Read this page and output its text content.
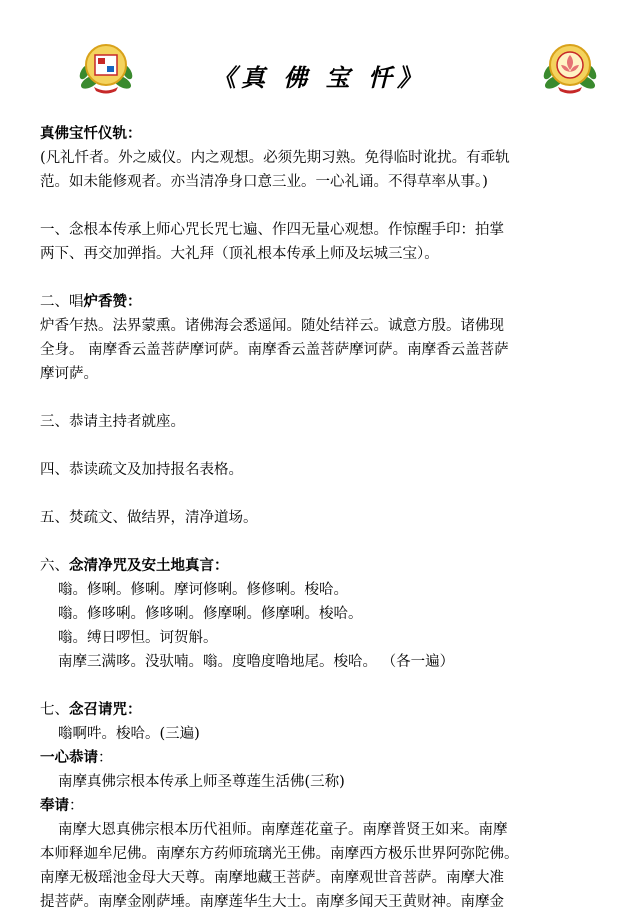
《真 佛 宝 忏》
真佛宝忏仪轨：
(凡礼忏者。外之威仪。内之观想。必须先期习熟。免得临时讹扰。有乖轨
范。如未能修观者。亦当清净身口意三业。一心礼诵。不得草率从事。)
一、念根本传承上师心咒长咒七遍、作四无量心观想。作惊醒手印：拍掌
两下、再交加弹指。大礼拜（顶礼根本传承上师及坛城三宝）。
二、唱炉香赞：
炉香乍热。法界蒙熏。诸佛海会悉遥闻。随处结祥云。诚意方殷。诸佛现
全身。 南摩香云盖菩萨摩诃萨。南摩香云盖菩萨摩诃萨。南摩香云盖菩萨
摩诃萨。
三、恭请主持者就座。
四、恭读疏文及加持报名表格。
五、焚疏文、做结界，清净道场。
六、念清净咒及安土地真言：
嗡。修唎。修唎。摩诃修唎。修修唎。梭哈。
嗡。修哆唎。修哆唎。修摩唎。修摩唎。梭哈。
嗡。缚日啰怛。诃贺斛。
南摩三满哆。没驮喃。嗡。度噜度噜地尾。梭哈。 （各一遍）
七、念召请咒：
嗡啊吽。梭哈。(三遍)
一心恭请：
南摩真佛宗根本传承上师圣尊莲生活佛(三称)
奉请：
南摩大恩真佛宗根本历代祖师。南摩莲花童子。南摩普贤王如来。南摩
本师释迦牟尼佛。南摩东方药师琉璃光王佛。南摩西方极乐世界阿弥陀佛。
南摩无极瑶池金母大天尊。南摩地藏王菩萨。南摩观世音菩萨。南摩大准
提菩萨。南摩金刚萨埵。南摩莲华生大士。南摩多闻天王黄财神。南摩金
